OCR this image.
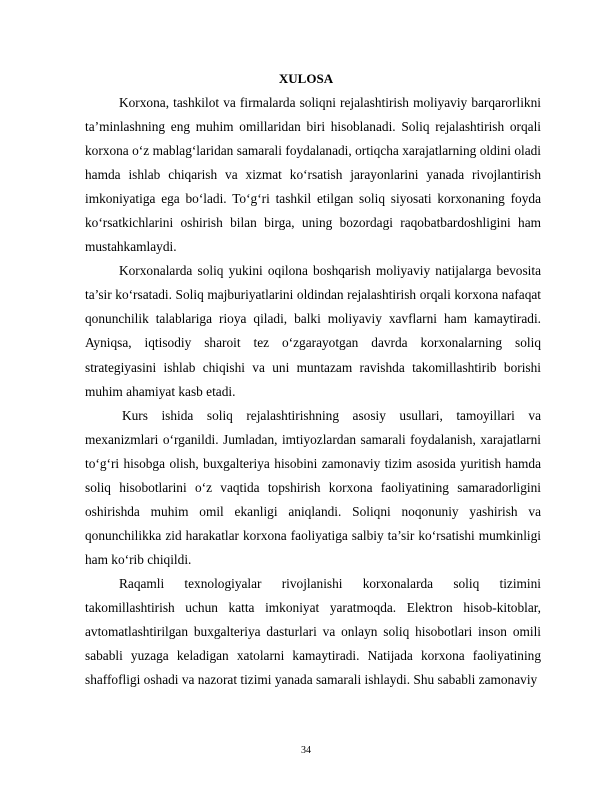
XULOSA

Korxona, tashkilot va firmalarda soliqni rejalashtirish moliyaviy barqarorlikni ta’minlashning eng muhim omillaridan biri hisoblanadi. Soliq rejalashtirish orqali korxona o‘z mablag‘laridan samarali foydalanadi, ortiqcha xarajatlarning oldini oladi hamda ishlab chiqarish va xizmat ko‘rsatish jarayonlarini yanada rivojlantirish imkoniyatiga ega bo‘ladi. To‘g‘ri tashkil etilgan soliq siyosati korxonaning foyda ko‘rsatkichlarini oshirish bilan birga, uning bozordagi raqobatbardoshligini ham mustahkamlaydi.

Korxonalarda soliq yukini oqilona boshqarish moliyaviy natijalarga bevosita ta’sir ko‘rsatadi. Soliq majburiyatlarini oldindan rejalashtirish orqali korxona nafaqat qonunchilik talablariga rioya qiladi, balki moliyaviy xavflarni ham kamaytiradi. Ayniqsa, iqtisodiy sharoit tez o‘zgarayotgan davrda korxonalarning soliq strategiyasini ishlab chiqishi va uni muntazam ravishda takomillashtirib borishi muhim ahamiyat kasb etadi.

Kurs ishida soliq rejalashtirishning asosiy usullari, tamoyillari va mexanizmlari o‘rganildi. Jumladan, imtiyozlardan samarali foydalanish, xarajatlarni to‘g‘ri hisobga olish, buxgalteriya hisobini zamonaviy tizim asosida yuritish hamda soliq hisobotlarini o‘z vaqtida topshirish korxona faoliyatining samaradorligini oshirishda muhim omil ekanligi aniqlandi. Soliqni noqonuniy yashirish va qonunchilikka zid harakatlar korxona faoliyatiga salbiy ta’sir ko‘rsatishi mumkinligi ham ko‘rib chiqildi.

Raqamli texnologiyalar rivojlanishi korxonalarda soliq tizimini takomillashtirish uchun katta imkoniyat yaratmoqda. Elektron hisob-kitoblar, avtomatlashtirilgan buxgalteriya dasturlari va onlayn soliq hisobotlari inson omili sababli yuzaga keladigan xatolarni kamaytiradi. Natijada korxona faoliyatining shaffofligi oshadi va nazorat tizimi yanada samarali ishlaydi. Shu sababli zamonaviy

34
